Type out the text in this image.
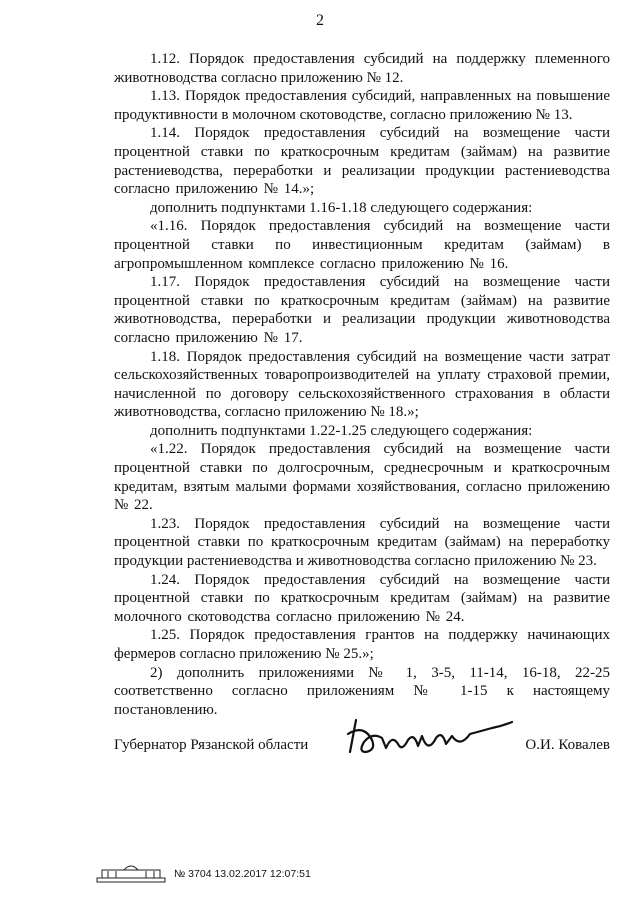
2

1.12. Порядок предоставления субсидий на поддержку племенного животноводства согласно приложению № 12.

1.13. Порядок предоставления субсидий, направленных на повышение продуктивности в молочном скотоводстве, согласно приложению № 13.

1.14. Порядок предоставления субсидий на возмещение части процентной ставки по краткосрочным кредитам (займам) на развитие растениеводства, переработки и реализации продукции растениеводства согласно приложению № 14.»;

дополнить подпунктами 1.16-1.18 следующего содержания:

«1.16. Порядок предоставления субсидий на возмещение части процентной ставки по инвестиционным кредитам (займам) в агропромышленном комплексе согласно приложению № 16.

1.17. Порядок предоставления субсидий на возмещение части процентной ставки по краткосрочным кредитам (займам) на развитие животноводства, переработки и реализации продукции животноводства согласно приложению № 17.

1.18. Порядок предоставления субсидий на возмещение части затрат сельскохозяйственных товаропроизводителей на уплату страховой премии, начисленной по договору сельскохозяйственного страхования в области животноводства, согласно приложению № 18.»;

дополнить подпунктами 1.22-1.25 следующего содержания:

«1.22. Порядок предоставления субсидий на возмещение части процентной ставки по долгосрочным, среднесрочным и краткосрочным кредитам, взятым малыми формами хозяйствования, согласно приложению № 22.

1.23. Порядок предоставления субсидий на возмещение части процентной ставки по краткосрочным кредитам (займам) на переработку продукции растениеводства и животноводства согласно приложению № 23.

1.24. Порядок предоставления субсидий на возмещение части процентной ставки по краткосрочным кредитам (займам) на развитие молочного скотоводства согласно приложению № 24.

1.25. Порядок предоставления грантов на поддержку начинающих фермеров согласно приложению № 25.»;

2) дополнить приложениями № 1, 3-5, 11-14, 16-18, 22-25 соответственно согласно приложениям № 1-15 к настоящему постановлению.

Губернатор Рязанской области	О.И. Ковалев
№ 3704 13.02.2017 12:07:51
